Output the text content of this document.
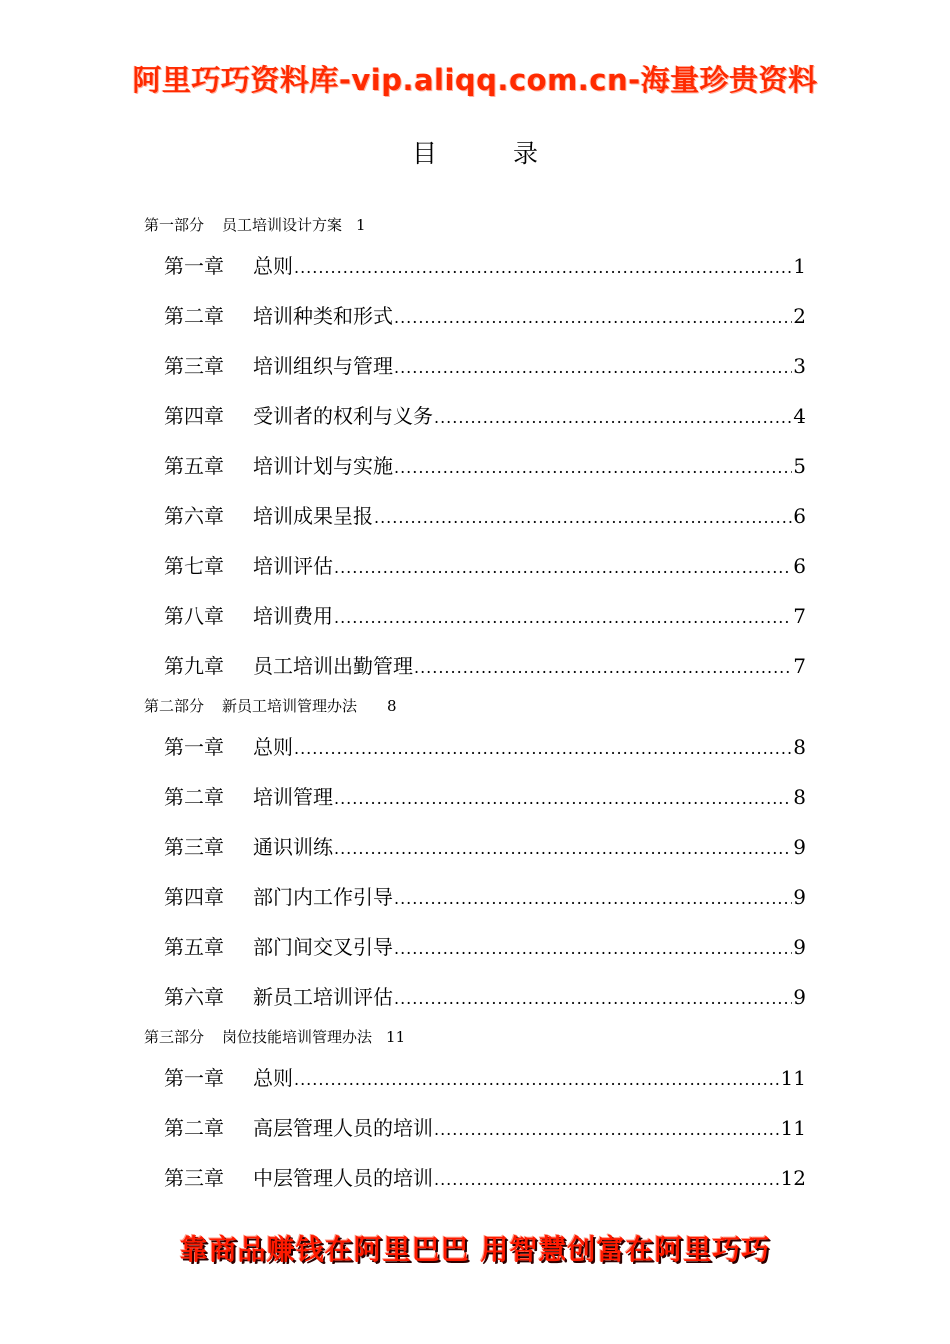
阿里巧巧资料库-vip.aliqq.com.cn-海量珍贵资料
目 录
第一部分 员工培训设计方案 1
第一章	总则 .....	1
第二章	培训种类和形式 .....	2
第三章	培训组织与管理 .....	3
第四章	受训者的权利与义务 .....	4
第五章	培训计划与实施 .....	5
第六章	培训成果呈报 .....	6
第七章	培训评估 .....	6
第八章	培训费用 .....	7
第九章	员工培训出勤管理 .....	7
第二部分 新员工培训管理办法 8
第一章	总则 .....	8
第二章	培训管理 .....	8
第三章	通识训练 .....	9
第四章	部门内工作引导 .....	9
第五章	部门间交叉引导 .....	9
第六章	新员工培训评估 .....	9
第三部分 岗位技能培训管理办法 11
第一章	总则 .....	11
第二章	高层管理人员的培训 .....	11
第三章	中层管理人员的培训 .....	12
靠商品赚钱在阿里巴巴 用智慧创富在阿里巧巧
